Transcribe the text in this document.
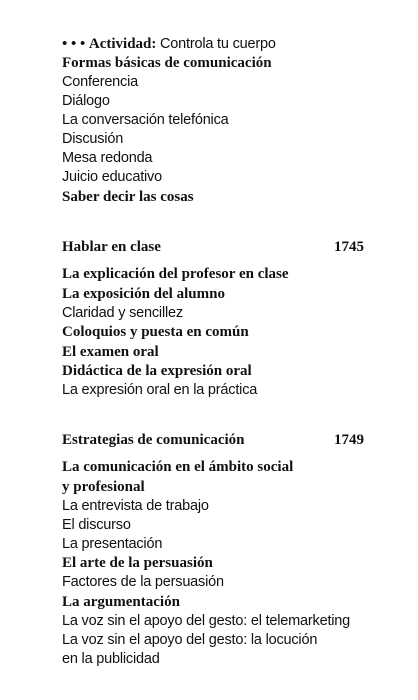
• • • Actividad: Controla tu cuerpo
Formas básicas de comunicación
Conferencia
Diálogo
La conversación telefónica
Discusión
Mesa redonda
Juicio educativo
Saber decir las cosas
Hablar en clase	1745
La explicación del profesor en clase
La exposición del alumno
Claridad y sencillez
Coloquios y puesta en común
El examen oral
Didáctica de la expresión oral
La expresión oral en la práctica
Estrategias de comunicación	1749
La comunicación en el ámbito social
y profesional
La entrevista de trabajo
El discurso
La presentación
El arte de la persuasión
Factores de la persuasión
La argumentación
La voz sin el apoyo del gesto: el telemarketing
La voz sin el apoyo del gesto: la locución
en la publicidad
